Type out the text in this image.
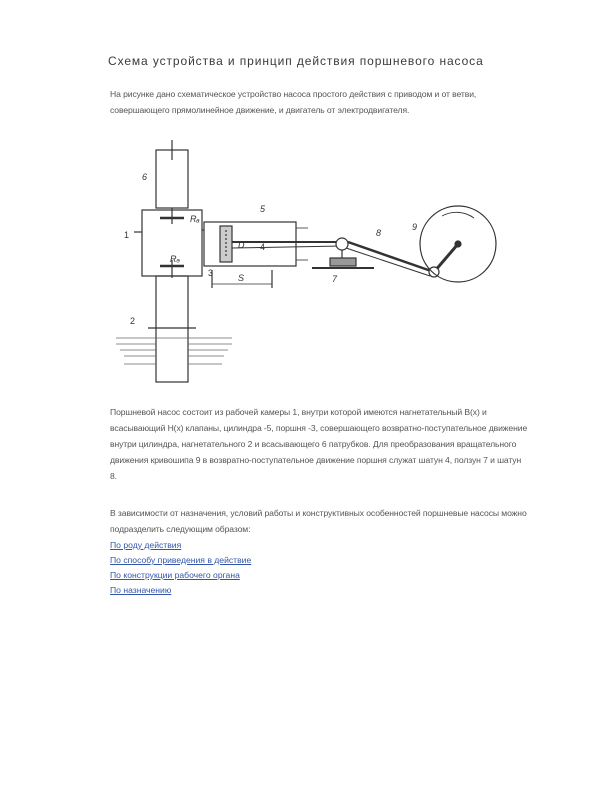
Схема устройства и принцип действия поршневого насоса
На рисунке дано схематическое устройство насоса простого действия с приводом и от ветви, совершающего прямолинейное движение, и двигатель от электродвигателя.
6
1
2
Rₐ
Rₔ
3
5
D
S
8
9
7
4
Поршневой насос состоит из рабочей камеры 1, внутри которой имеются нагнетательный В(х) и всасывающий Н(х) клапаны, цилиндра -5, поршня -3, совершающего возвратно-поступательное движение внутри цилиндра, нагнетательного 2 и всасывающего 6 патрубков. Для преобразования вращательного движения кривошипа 9 в возвратно-поступательное движение поршня служат шатун 4, ползун 7 и шатун 8.
В зависимости от назначения, условий работы и конструктивных особенностей поршневые насосы можно подразделить следующим образом:
По роду действия
По способу приведения в действие
По конструкции рабочего органа
По назначению
